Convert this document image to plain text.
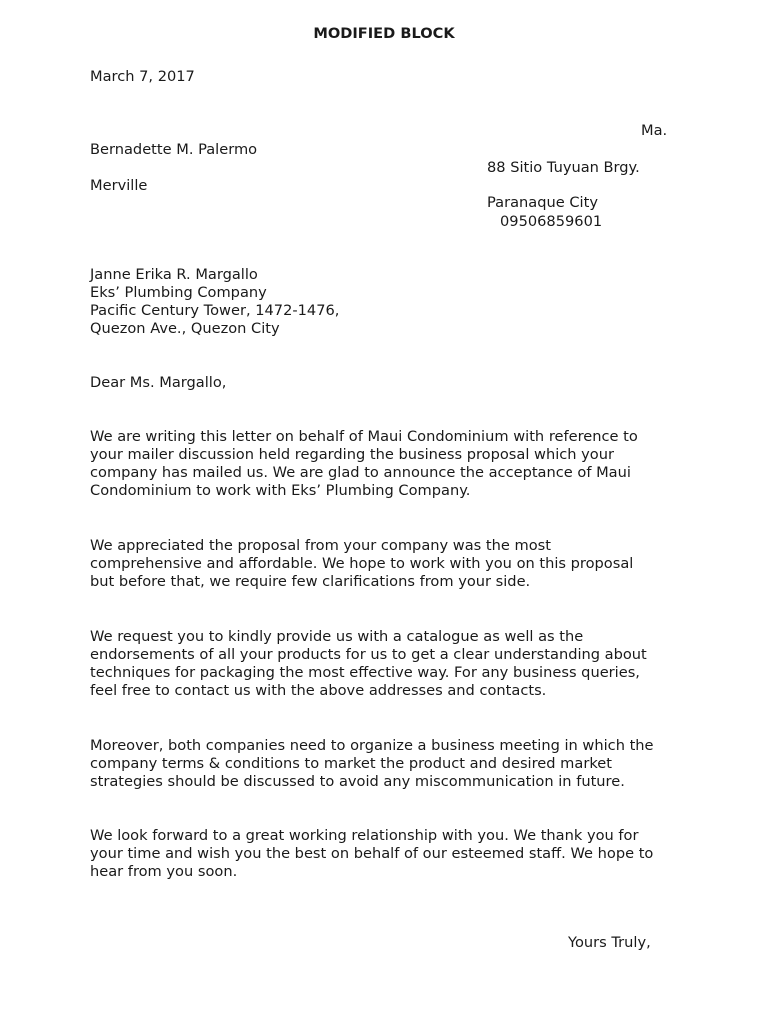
MODIFIED BLOCK
March 7, 2017
Ma.
Bernadette M. Palermo
88 Sitio Tuyuan Brgy.
Merville
Paranaque City
09506859601
Janne Erika R. Margallo
Eks’ Plumbing Company
Pacific Century Tower, 1472-1476,
Quezon Ave., Quezon City
Dear Ms. Margallo,
We are writing this letter on behalf of Maui Condominium with reference to
your mailer discussion held regarding the business proposal which your
company has mailed us. We are glad to announce the acceptance of Maui
Condominium to work with Eks’ Plumbing Company.
We appreciated the proposal from your company was the most
comprehensive and affordable. We hope to work with you on this proposal
but before that, we require few clarifications from your side.
We request you to kindly provide us with a catalogue as well as the
endorsements of all your products for us to get a clear understanding about
techniques for packaging the most effective way. For any business queries,
feel free to contact us with the above addresses and contacts.
Moreover, both companies need to organize a business meeting in which the
company terms & conditions to market the product and desired market
strategies should be discussed to avoid any miscommunication in future.
We look forward to a great working relationship with you. We thank you for
your time and wish you the best on behalf of our esteemed staff. We hope to
hear from you soon.
Yours Truly,
